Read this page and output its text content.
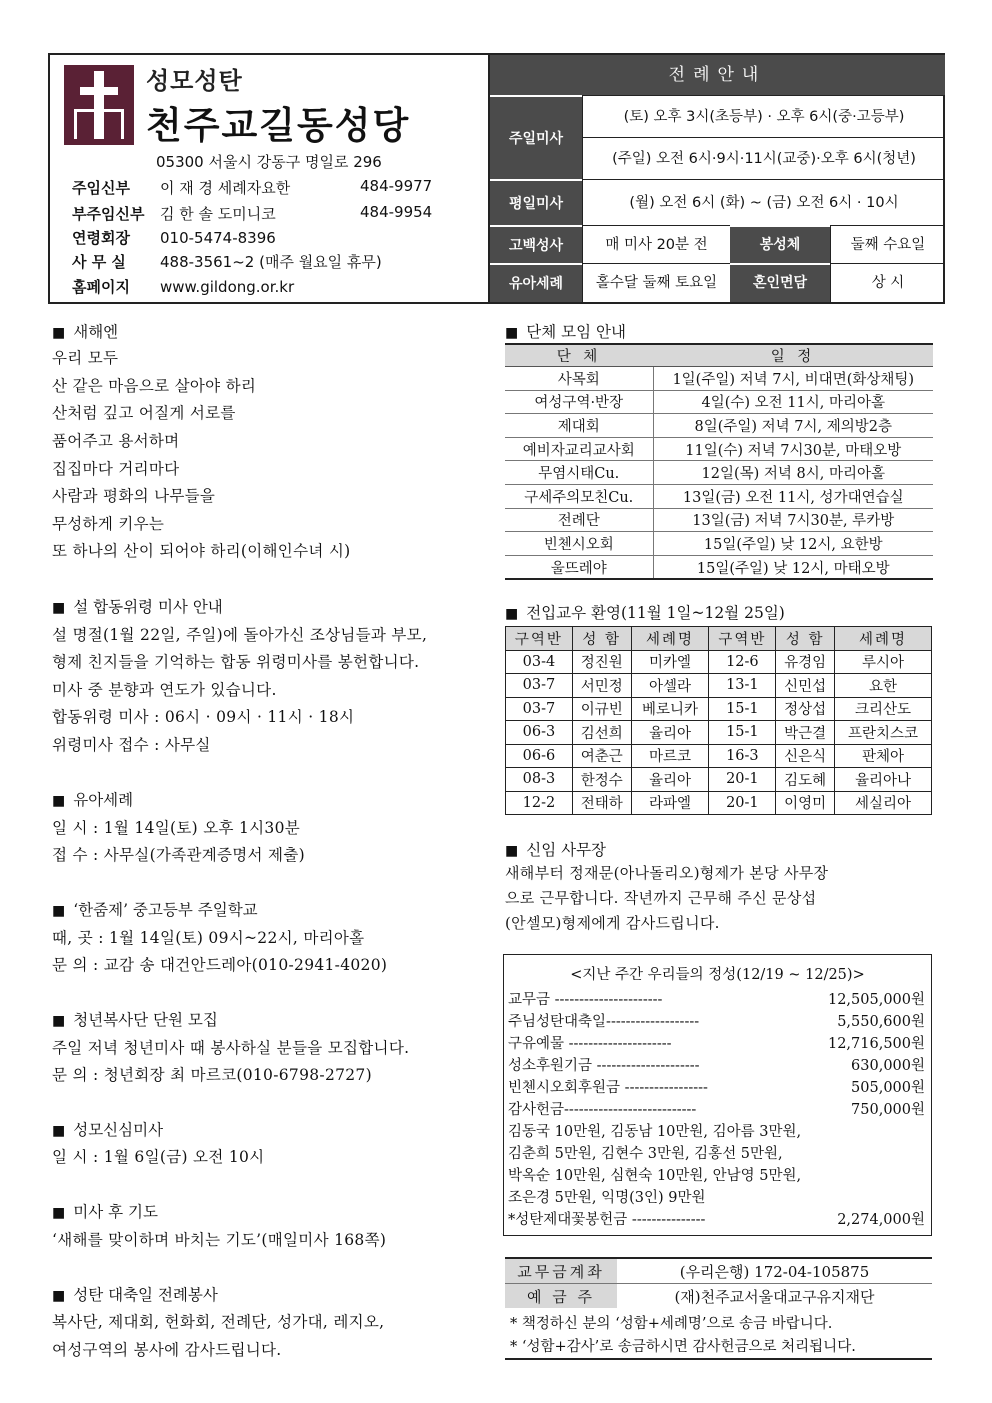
성모성탄
천주교길동성당
05300 서울시 강동구 명일로 296
주임신부 이 재 경 세례자요한	484-9977
부주임신부 김 한 솔 도미니코	484-9954
연령회장 010-5474-8396
사 무 실 488-3561~2 (매주 월요일 휴무)
홈페이지 www.gildong.or.kr
전례안내
주일미사
(토) 오후 3시(초등부) · 오후 6시(중·고등부)
(주일) 오전 6시·9시·11시(교중)·오후 6시(청년)
평일미사	(월) 오전 6시 (화) ~ (금) 오전 6시 · 10시
고백성사	매 미사 20분 전	봉성체	둘째 수요일
유아세례	홀수달 둘째 토요일	혼인면담	상 시
■ 새해엔
우리 모두
산 같은 마음으로 살아야 하리
산처럼 깊고 어질게 서로를
품어주고 용서하며
집집마다 거리마다
사람과 평화의 나무들을
무성하게 키우는
또 하나의 산이 되어야 하리(이해인수녀 시)
■ 설 합동위령 미사 안내
설 명절(1월 22일, 주일)에 돌아가신 조상님들과 부모,
형제 친지들을 기억하는 합동 위령미사를 봉헌합니다.
미사 중 분향과 연도가 있습니다.
합동위령 미사 : 06시 · 09시 · 11시 · 18시
위령미사 접수 : 사무실
■ 유아세례
일 시 : 1월 14일(토) 오후 1시30분
접 수 : 사무실(가족관계증명서 제출)
■ ‘한줌제’ 중고등부 주일학교
때, 곳 : 1월 14일(토) 09시~22시, 마리아홀
문 의 : 교감 송 대건안드레아(010-2941-4020)
■ 청년복사단 단원 모집
주일 저녁 청년미사 때 봉사하실 분들을 모집합니다.
문 의 : 청년회장 최 마르코(010-6798-2727)
■ 성모신심미사
일 시 : 1월 6일(금) 오전 10시
■ 미사 후 기도
‘새해를 맞이하며 바치는 기도’(매일미사 168쪽)
■ 성탄 대축일 전례봉사
복사단, 제대회, 헌화회, 전례단, 성가대, 레지오,
여성구역의 봉사에 감사드립니다.
■ 단체 모임 안내
단 체	일 정
사목회	1일(주일) 저녁 7시, 비대면(화상채팅)
여성구역·반장	4일(수) 오전 11시, 마리아홀
제대회	8일(주일) 저녁 7시, 제의방2층
예비자교리교사회	11일(수) 저녁 7시30분, 마태오방
무염시태Cu.	12일(목) 저녁 8시, 마리아홀
구세주의모친Cu.	13일(금) 오전 11시, 성가대연습실
전례단	13일(금) 저녁 7시30분, 루카방
빈첸시오회	15일(주일) 낮 12시, 요한방
울뜨레야	15일(주일) 낮 12시, 마태오방
■ 전입교우 환영(11월 1일~12월 25일)
구역반	성 함	세례명	구역반	성 함	세례명
03-4	정진원	미카엘	12-6	유경임	루시아
03-7	서민정	아셀라	13-1	신민섭	요한
03-7	이규빈	베로니카	15-1	정상섭	크리산도
06-3	김선희	율리아	15-1	박근결	프란치스코
06-6	여춘근	마르코	16-3	신은식	판체아
08-3	한정수	율리아	20-1	김도혜	율리아나
12-2	전태하	라파엘	20-1	이영미	세실리아
■ 신임 사무장
새해부터 정재문(아나돌리오)형제가 본당 사무장
으로 근무합니다. 작년까지 근무해 주신 문상섭
(안셀모)형제에게 감사드립니다.
<지난 주간 우리들의 정성(12/19 ~ 12/25)>
교무금 ----------------------	12,505,000원
주님성탄대축일-------------------	5,550,600원
구유예물 ---------------------	12,716,500원
성소후원기금 ---------------------	630,000원
빈첸시오회후원금 -----------------	505,000원
감사헌금---------------------------	750,000원
김동국 10만원, 김동남 10만원, 김아름 3만원,
김춘희 5만원, 김현수 3만원, 김홍선 5만원,
박옥순 10만원, 심현숙 10만원, 안남영 5만원,
조은경 5만원, 익명(3인) 9만원
*성탄제대꽃봉헌금 ---------------	2,274,000원
교무금계좌	(우리은행) 172-04-105875
예 금 주	(재)천주교서울대교구유지재단
* 책정하신 분의 ‘성함+세례명’으로 송금 바랍니다.
* ‘성함+감사’로 송금하시면 감사헌금으로 처리됩니다.
